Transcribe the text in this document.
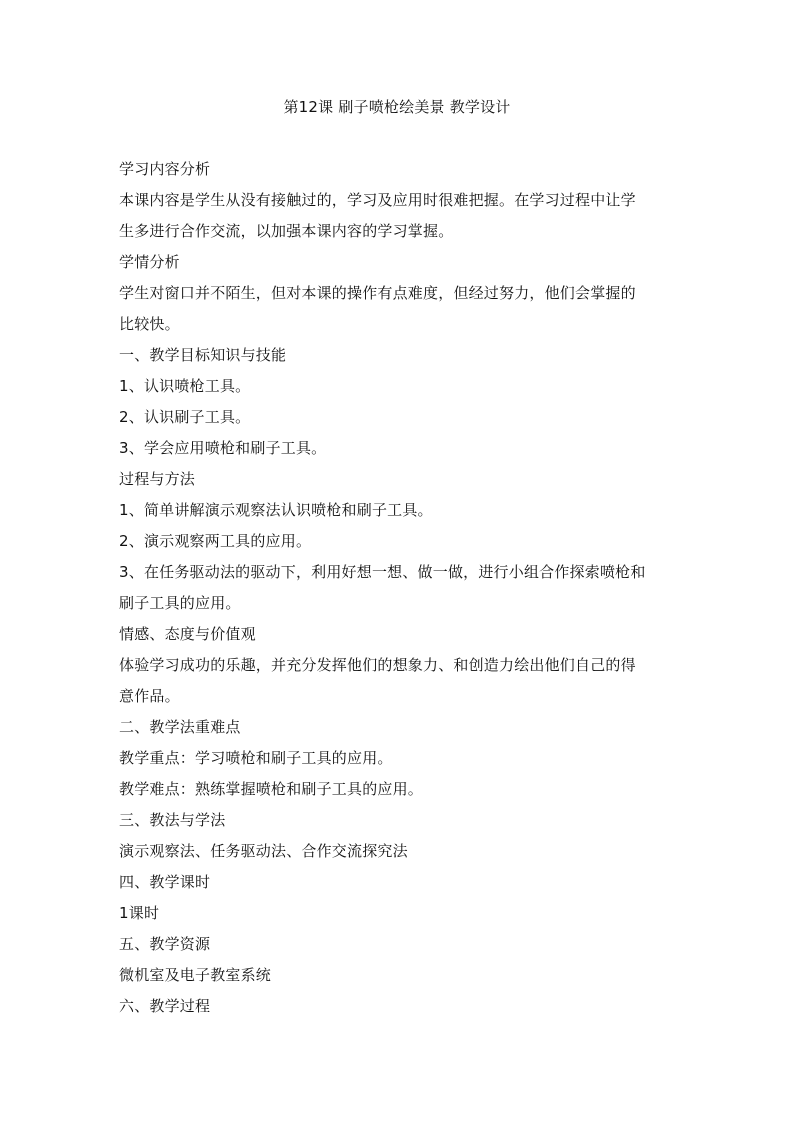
第12课 刷子喷枪绘美景 教学设计
学习内容分析
本课内容是学生从没有接触过的，学习及应用时很难把握。在学习过程中让学
生多进行合作交流，以加强本课内容的学习掌握。
学情分析
学生对窗口并不陌生，但对本课的操作有点难度，但经过努力，他们会掌握的
比较快。
一、教学目标知识与技能
1、认识喷枪工具。
2、认识刷子工具。
3、学会应用喷枪和刷子工具。
过程与方法
1、简单讲解演示观察法认识喷枪和刷子工具。
2、演示观察两工具的应用。
3、在任务驱动法的驱动下，利用好想一想、做一做，进行小组合作探索喷枪和
刷子工具的应用。
情感、态度与价值观
体验学习成功的乐趣，并充分发挥他们的想象力、和创造力绘出他们自己的得
意作品。
二、教学法重难点
教学重点：学习喷枪和刷子工具的应用。
教学难点：熟练掌握喷枪和刷子工具的应用。
三、教法与学法
演示观察法、任务驱动法、合作交流探究法
四、教学课时
1课时
五、教学资源
微机室及电子教室系统
六、教学过程
